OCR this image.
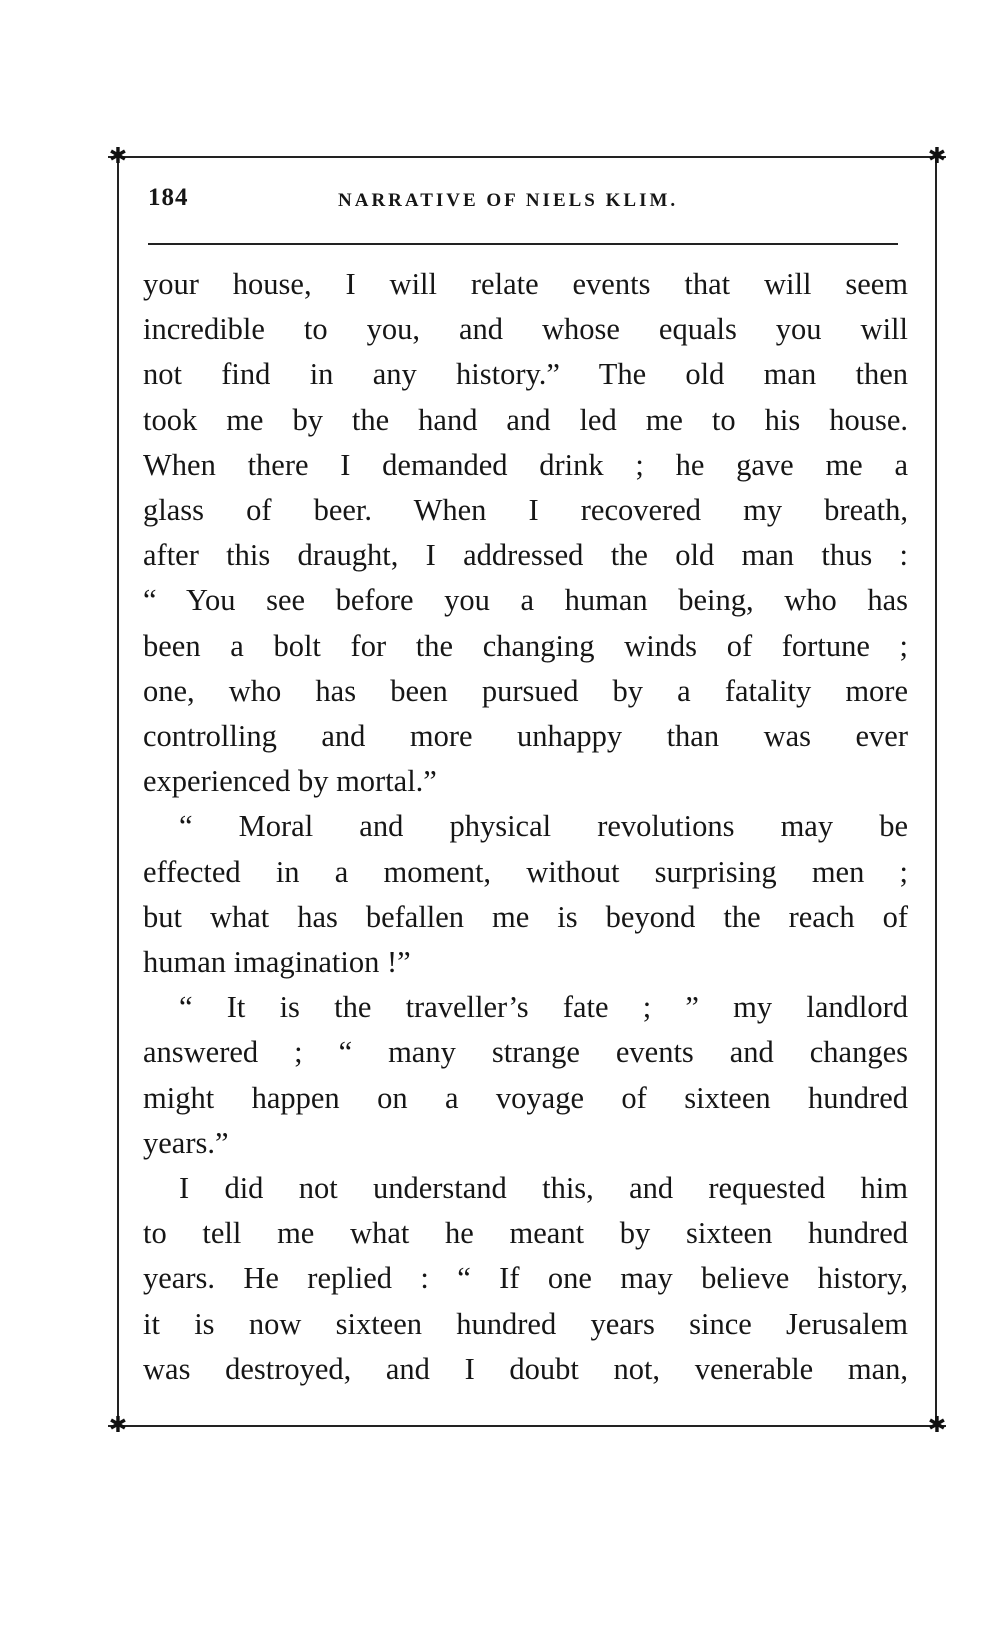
✱	✱
✱	✱
184	NARRATIVE OF NIELS KLIM.
your house, I will relate events that will seem
incredible to you, and whose equals you will
not find in any history.” The old man then
took me by the hand and led me to his house.
When there I demanded drink ; he gave me a
glass of beer. When I recovered my breath,
after this draught, I addressed the old man thus :
“ You see before you a human being, who has
been a bolt for the changing winds of fortune ;
one, who has been pursued by a fatality more
controlling and more unhappy than was ever
experienced by mortal.”
“ Moral and physical revolutions may be
effected in a moment, without surprising men ;
but what has befallen me is beyond the reach of
human imagination !”
“ It is the traveller’s fate ; ” my landlord
answered ; “ many strange events and changes
might happen on a voyage of sixteen hundred
years.”
I did not understand this, and requested him
to tell me what he meant by sixteen hundred
years. He replied : “ If one may believe history,
it is now sixteen hundred years since Jerusalem
was destroyed, and I doubt not, venerable man,
